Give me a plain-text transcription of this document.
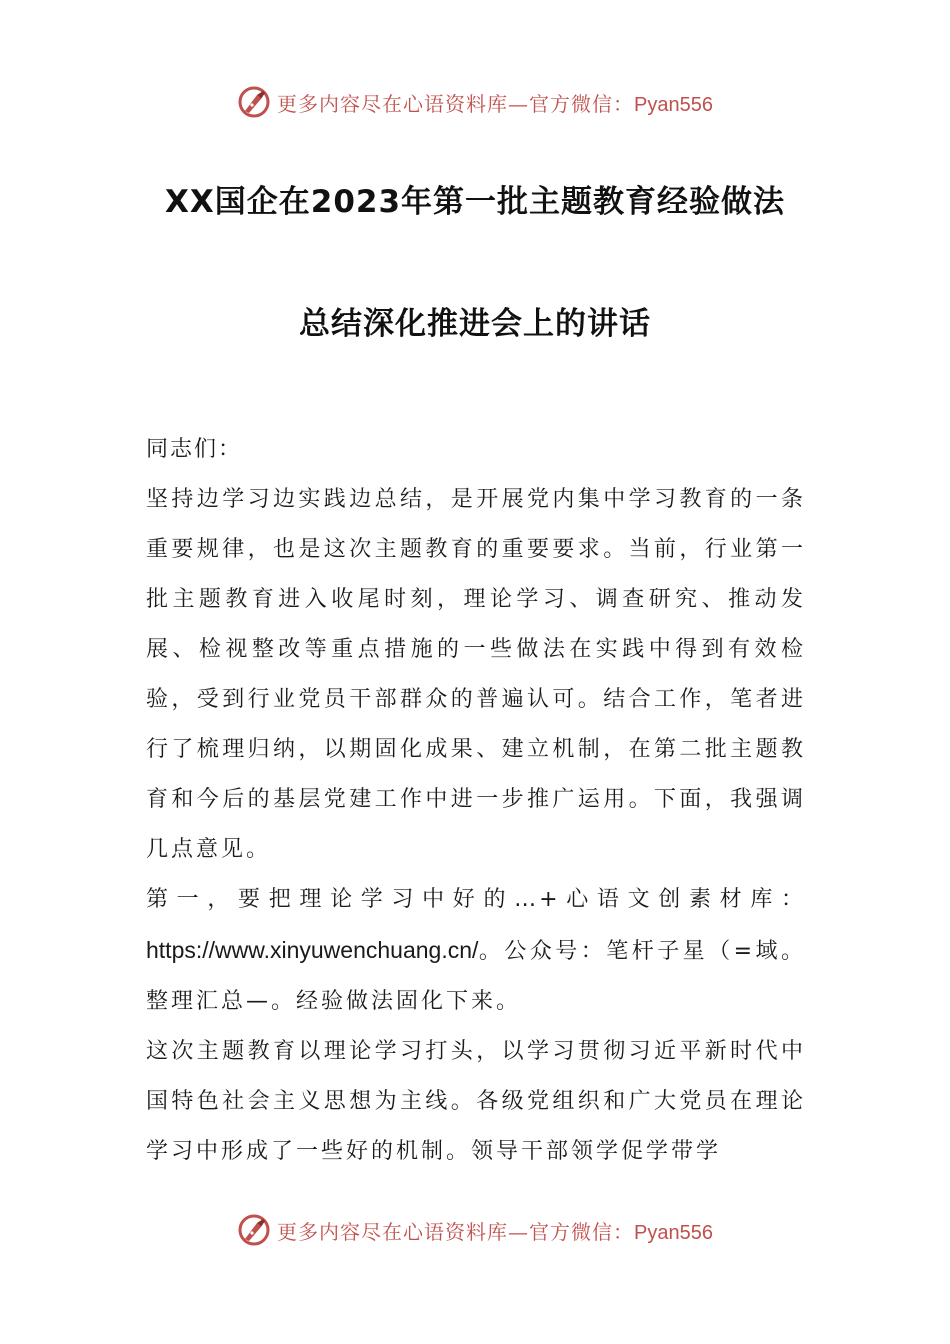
更多内容尽在心语资料库—官方微信：Pyan556
XX国企在2023年第一批主题教育经验做法
总结深化推进会上的讲话

同志们：

坚持边学习边实践边总结，是开展党内集中学习教育的一条重要规律，也是这次主题教育的重要要求。当前，行业第一批主题教育进入收尾时刻，理论学习、调查研究、推动发展、检视整改等重点措施的一些做法在实践中得到有效检验，受到行业党员干部群众的普遍认可。结合工作，笔者进行了梳理归纳，以期固化成果、建立机制，在第二批主题教育和今后的基层党建工作中进一步推广运用。下面，我强调几点意见。

第一，要把理论学习中好的…+心语文创素材库：https://www.xinyuwenchuang.cn/。公众号：笔杆子星（=域。整理汇总—。经验做法固化下来。

这次主题教育以理论学习打头，以学习贯彻习近平新时代中国特色社会主义思想为主线。各级党组织和广大党员在理论学习中形成了一些好的机制。领导干部领学促学带学

更多内容尽在心语资料库—官方微信：Pyan556
